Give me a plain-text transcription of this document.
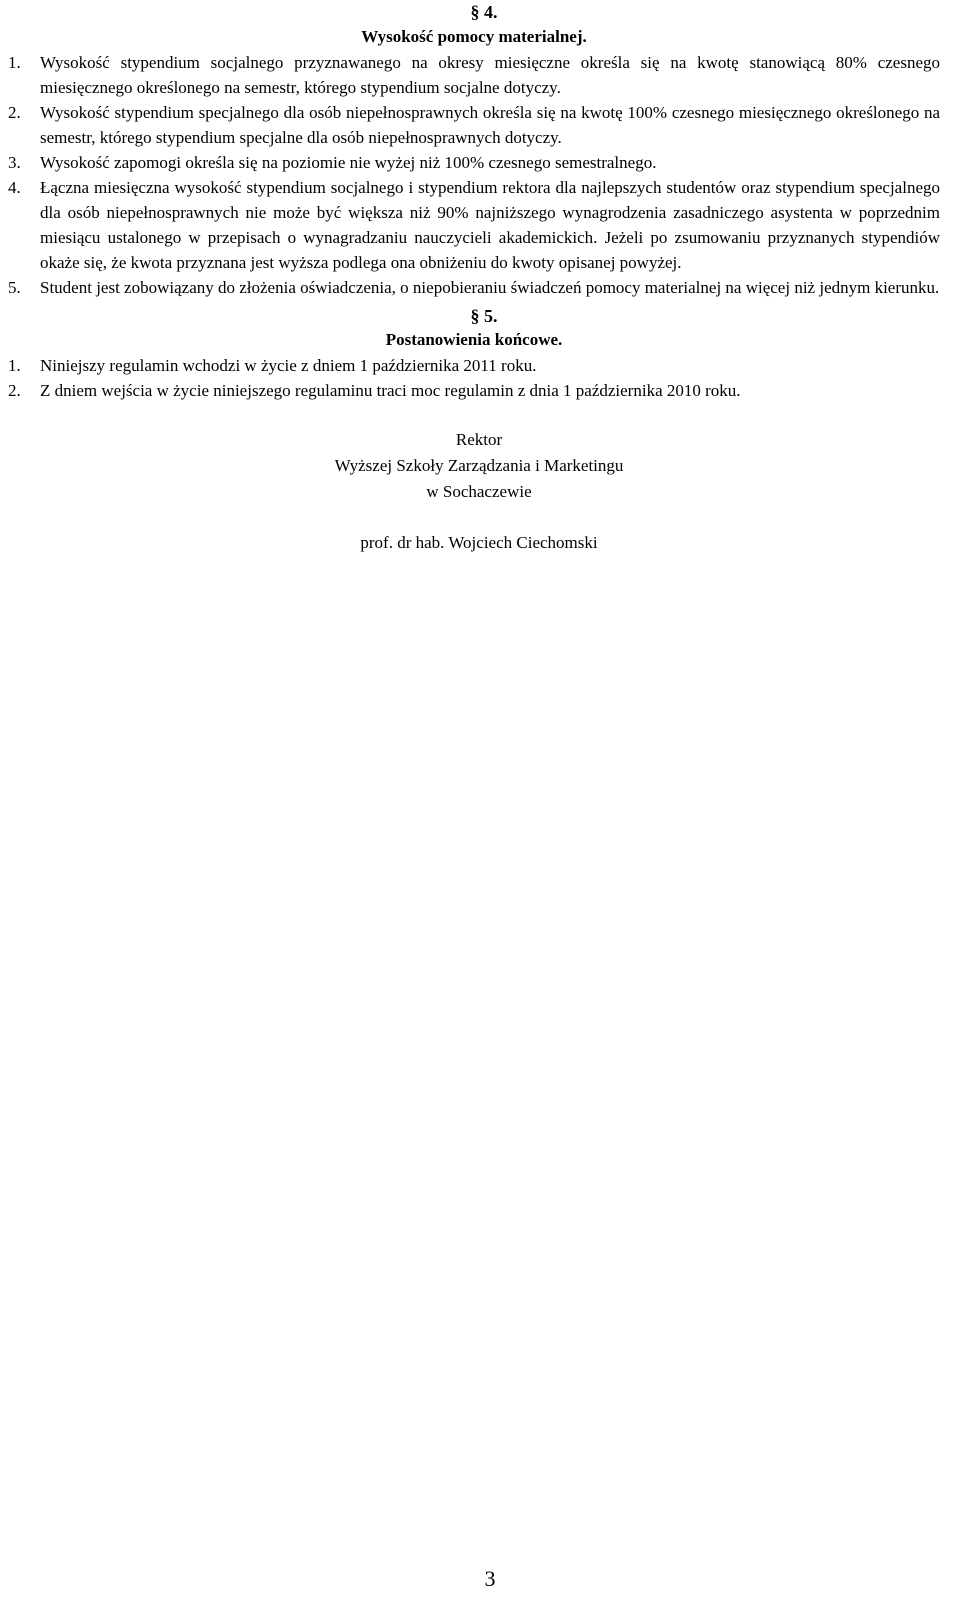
§ 4.
Wysokość pomocy materialnej.
1. Wysokość stypendium socjalnego przyznawanego na okresy miesięczne określa się na kwotę stanowiącą 80% czesnego miesięcznego określonego na semestr, którego stypendium socjalne dotyczy.
2. Wysokość stypendium specjalnego dla osób niepełnosprawnych określa się na kwotę 100% czesnego miesięcznego określonego na semestr, którego stypendium specjalne dla osób niepełnosprawnych dotyczy.
3. Wysokość zapomogi określa się na poziomie nie wyżej niż 100% czesnego semestralnego.
4. Łączna miesięczna wysokość stypendium socjalnego i stypendium rektora dla najlepszych studentów oraz stypendium specjalnego dla osób niepełnosprawnych nie może być większa niż 90% najniższego wynagrodzenia zasadniczego asystenta w poprzednim miesiącu ustalonego w przepisach o wynagradzaniu nauczycieli akademickich. Jeżeli po zsumowaniu przyznanych stypendiów okaże się, że kwota przyznana jest wyższa podlega ona obniżeniu do kwoty opisanej powyżej.
5. Student jest zobowiązany do złożenia oświadczenia, o niepobieraniu świadczeń pomocy materialnej na więcej niż jednym kierunku.
§ 5.
Postanowienia końcowe.
1. Niniejszy regulamin wchodzi w życie z dniem 1 października 2011 roku.
2. Z dniem wejścia w życie niniejszego regulaminu traci moc regulamin z dnia 1 października 2010 roku.
Rektor
Wyższej Szkoły Zarządzania i Marketingu
w Sochaczewie
prof. dr hab. Wojciech Ciechomski
3
